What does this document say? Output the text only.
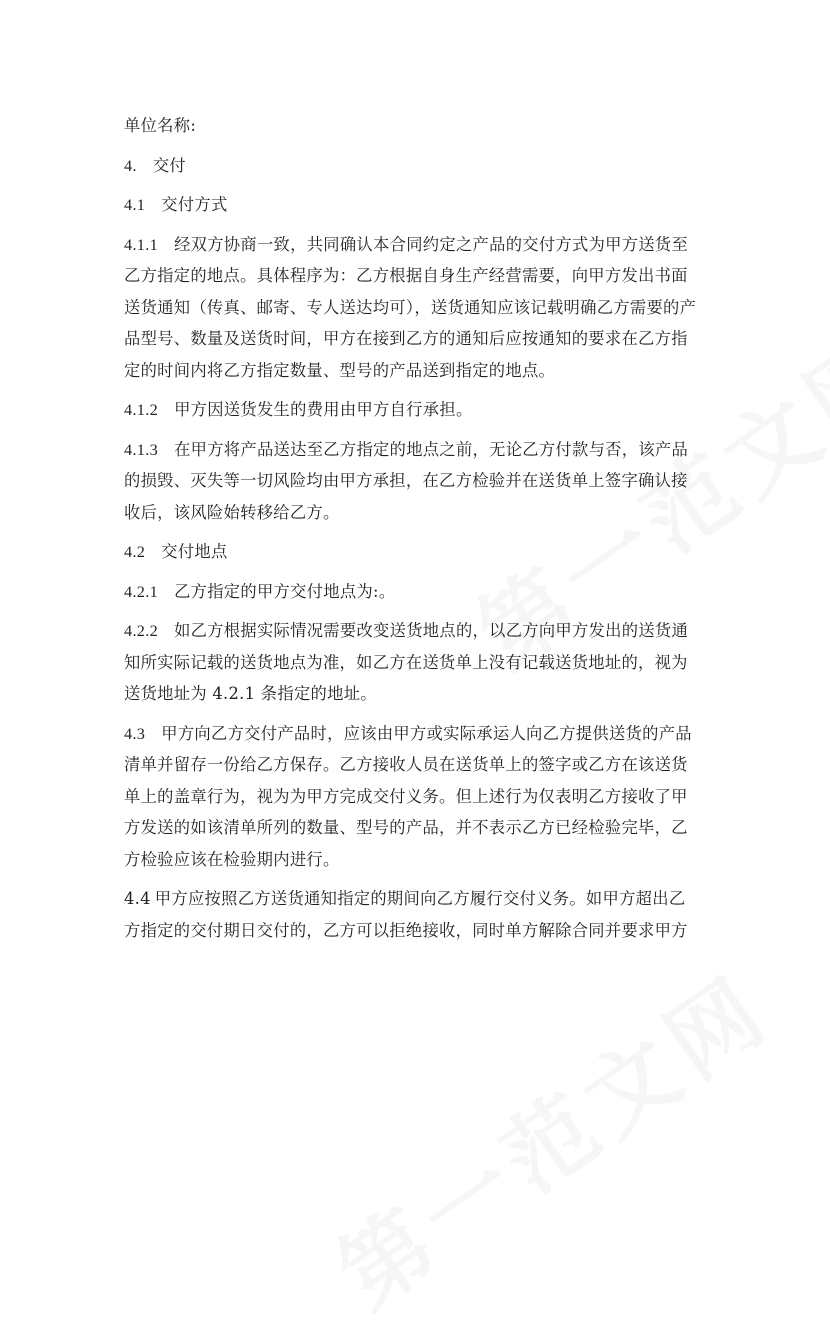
单位名称:

4. 交付

4.1 交付方式

4.1.1 经双方协商一致，共同确认本合同约定之产品的交付方式为甲方送货至

乙方指定的地点。具体程序为：乙方根据自身生产经营需要，向甲方发出书面

送货通知（传真、邮寄、专人送达均可），送货通知应该记载明确乙方需要的产

品型号、数量及送货时间，甲方在接到乙方的通知后应按通知的要求在乙方指

定的时间内将乙方指定数量、型号的产品送到指定的地点。

4.1.2 甲方因送货发生的费用由甲方自行承担。

4.1.3 在甲方将产品送达至乙方指定的地点之前，无论乙方付款与否，该产品

的损毁、灭失等一切风险均由甲方承担，在乙方检验并在送货单上签字确认接

收后，该风险始转移给乙方。

4.2 交付地点

4.2.1 乙方指定的甲方交付地点为:。

4.2.2 如乙方根据实际情况需要改变送货地点的，以乙方向甲方发出的送货通

知所实际记载的送货地点为准，如乙方在送货单上没有记载送货地址的，视为

送货地址为 4.2.1 条指定的地址。

4.3 甲方向乙方交付产品时，应该由甲方或实际承运人向乙方提供送货的产品

清单并留存一份给乙方保存。乙方接收人员在送货单上的签字或乙方在该送货

单上的盖章行为，视为为甲方完成交付义务。但上述行为仅表明乙方接收了甲

方发送的如该清单所列的数量、型号的产品，并不表示乙方已经检验完毕，乙

方检验应该在检验期内进行。

4.4 甲方应按照乙方送货通知指定的期间向乙方履行交付义务。如甲方超出乙

方指定的交付期日交付的，乙方可以拒绝接收，同时单方解除合同并要求甲方
